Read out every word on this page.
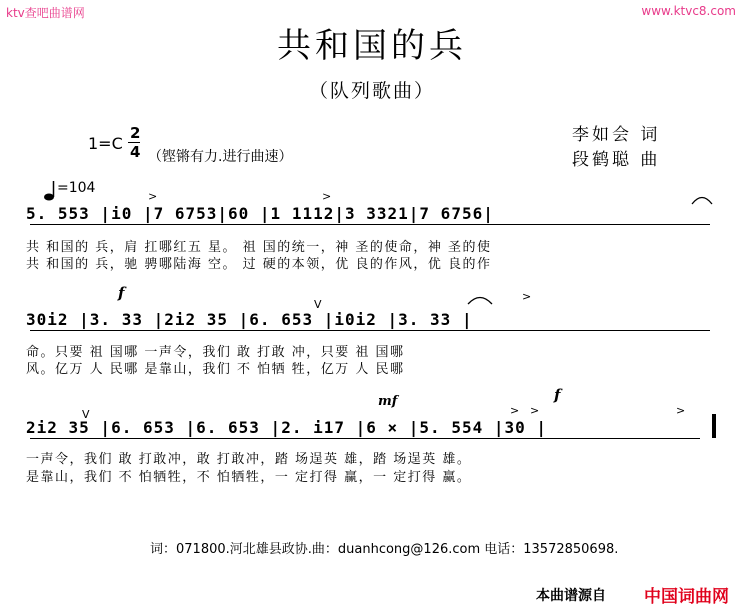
ktv查吧曲谱网	www.ktvc8.com
共和国的兵
（队列歌曲）
1=C
2
4 （铿锵有力.进行曲速）
=104
李如会 词
段鹤聪 曲
>	>
5. 553 |i0 |7 6753|60 |1 1112|3 3321|7 6756|
共 和国的 兵，肩 扛哪红五 星。 祖 国的统一，神 圣的使命，神 圣的使
共 和国的 兵，驰 骋哪陆海 空。 过 硬的本领，优 良的作风，优 良的作
f
V
>
30i2 |3. 33 |2i2 35 |6. 653 |i0i2 |3. 33 |
命。只要 祖 国哪 一声令，我们 敢 打敢 冲，只要 祖 国哪
风。亿万 人 民哪 是靠山，我们 不 怕牺 牲，亿万 人 民哪
mf	f
V	> >	>
2i2 35 |6. 653 |6. 653 |2. i17 |6 × |5. 554 |30 |
一声令，我们 敢 打敢冲，敢 打敢冲，踏 场逞英 雄，踏 场逞英 雄。
是靠山，我们 不 怕牺牲，不 怕牺牲，一 定打得 赢，一 定打得 赢。
词：071800.河北雄县政协.曲：duanhcong@126.com 电话：13572850698.
本曲谱源自 中国词曲网
